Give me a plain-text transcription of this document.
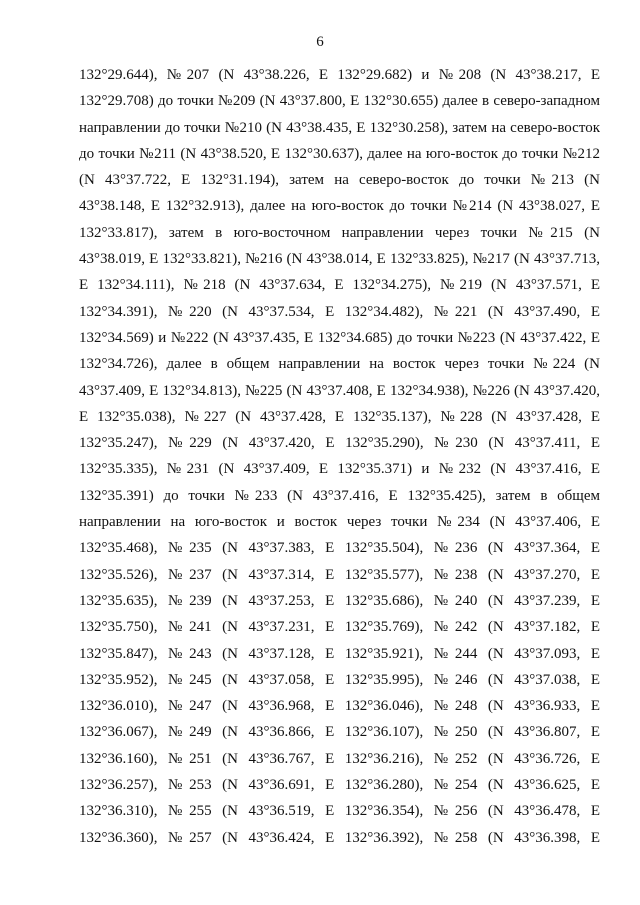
6
132°29.644), №207 (N 43°38.226, E 132°29.682) и №208 (N 43°38.217, E
132°29.708) до точки №209 (N 43°37.800, E 132°30.655) далее в северо-западном
направлении до точки №210 (N 43°38.435, E 132°30.258), затем на северо-восток
до точки №211 (N 43°38.520, E 132°30.637), далее на юго-восток до точки №212
(N 43°37.722, E 132°31.194), затем на северо-восток до точки №213 (N
43°38.148, E 132°32.913), далее на юго-восток до точки №214 (N 43°38.027, E
132°33.817), затем в юго-восточном направлении через точки №215 (N
43°38.019, E 132°33.821), №216 (N 43°38.014, E 132°33.825), №217 (N 43°37.713,
E 132°34.111), №218 (N 43°37.634, E 132°34.275), №219 (N 43°37.571, E
132°34.391), №220 (N 43°37.534, E 132°34.482), №221 (N 43°37.490, E
132°34.569) и №222 (N 43°37.435, E 132°34.685) до точки №223 (N 43°37.422, E
132°34.726), далее в общем направлении на восток через точки №224 (N
43°37.409, E 132°34.813), №225 (N 43°37.408, E 132°34.938), №226 (N 43°37.420,
E 132°35.038), №227 (N 43°37.428, E 132°35.137), №228 (N 43°37.428, E
132°35.247), №229 (N 43°37.420, E 132°35.290), №230 (N 43°37.411, E
132°35.335), №231 (N 43°37.409, E 132°35.371) и №232 (N 43°37.416, E
132°35.391) до точки №233 (N 43°37.416, E 132°35.425), затем в общем
направлении на юго-восток и восток через точки №234 (N 43°37.406, E
132°35.468), №235 (N 43°37.383, E 132°35.504), №236 (N 43°37.364, E
132°35.526), №237 (N 43°37.314, E 132°35.577), №238 (N 43°37.270, E
132°35.635), №239 (N 43°37.253, E 132°35.686), №240 (N 43°37.239, E
132°35.750), №241 (N 43°37.231, E 132°35.769), №242 (N 43°37.182, E
132°35.847), №243 (N 43°37.128, E 132°35.921), №244 (N 43°37.093, E
132°35.952), №245 (N 43°37.058, E 132°35.995), №246 (N 43°37.038, E
132°36.010), №247 (N 43°36.968, E 132°36.046), №248 (N 43°36.933, E
132°36.067), №249 (N 43°36.866, E 132°36.107), №250 (N 43°36.807, E
132°36.160), №251 (N 43°36.767, E 132°36.216), №252 (N 43°36.726, E
132°36.257), №253 (N 43°36.691, E 132°36.280), №254 (N 43°36.625, E
132°36.310), №255 (N 43°36.519, E 132°36.354), №256 (N 43°36.478, E
132°36.360), №257 (N 43°36.424, E 132°36.392), №258 (N 43°36.398, E
